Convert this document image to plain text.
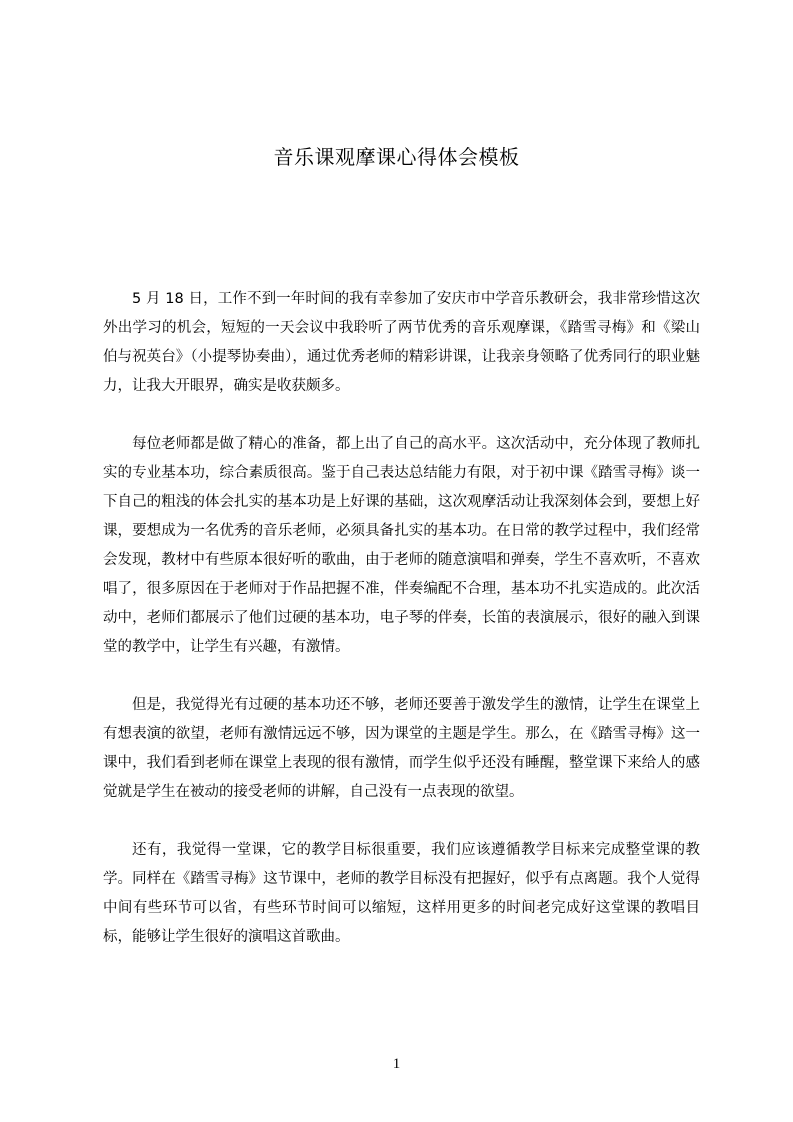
音乐课观摩课心得体会模板

5 月 18 日，工作不到一年时间的我有幸参加了安庆市中学音乐教研会，我非常珍惜这次外出学习的机会，短短的一天会议中我聆听了两节优秀的音乐观摩课，《踏雪寻梅》和《梁山伯与祝英台》（小提琴协奏曲），通过优秀老师的精彩讲课，让我亲身领略了优秀同行的职业魅力，让我大开眼界，确实是收获颇多。

每位老师都是做了精心的准备，都上出了自己的高水平。这次活动中，充分体现了教师扎实的专业基本功，综合素质很高。鉴于自己表达总结能力有限，对于初中课《踏雪寻梅》谈一下自己的粗浅的体会扎实的基本功是上好课的基础，这次观摩活动让我深刻体会到，要想上好课，要想成为一名优秀的音乐老师，必须具备扎实的基本功。在日常的教学过程中，我们经常会发现，教材中有些原本很好听的歌曲，由于老师的随意演唱和弹奏，学生不喜欢听，不喜欢唱了，很多原因在于老师对于作品把握不准，伴奏编配不合理，基本功不扎实造成的。此次活动中，老师们都展示了他们过硬的基本功，电子琴的伴奏，长笛的表演展示，很好的融入到课堂的教学中，让学生有兴趣，有激情。

但是，我觉得光有过硬的基本功还不够，老师还要善于激发学生的激情，让学生在课堂上有想表演的欲望，老师有激情远远不够，因为课堂的主题是学生。那么，在《踏雪寻梅》这一课中，我们看到老师在课堂上表现的很有激情，而学生似乎还没有睡醒，整堂课下来给人的感觉就是学生在被动的接受老师的讲解，自己没有一点表现的欲望。

还有，我觉得一堂课，它的教学目标很重要，我们应该遵循教学目标来完成整堂课的教学。同样在《踏雪寻梅》这节课中，老师的教学目标没有把握好，似乎有点离题。我个人觉得中间有些环节可以省，有些环节时间可以缩短，这样用更多的时间老完成好这堂课的教唱目标，能够让学生很好的演唱这首歌曲。

1
